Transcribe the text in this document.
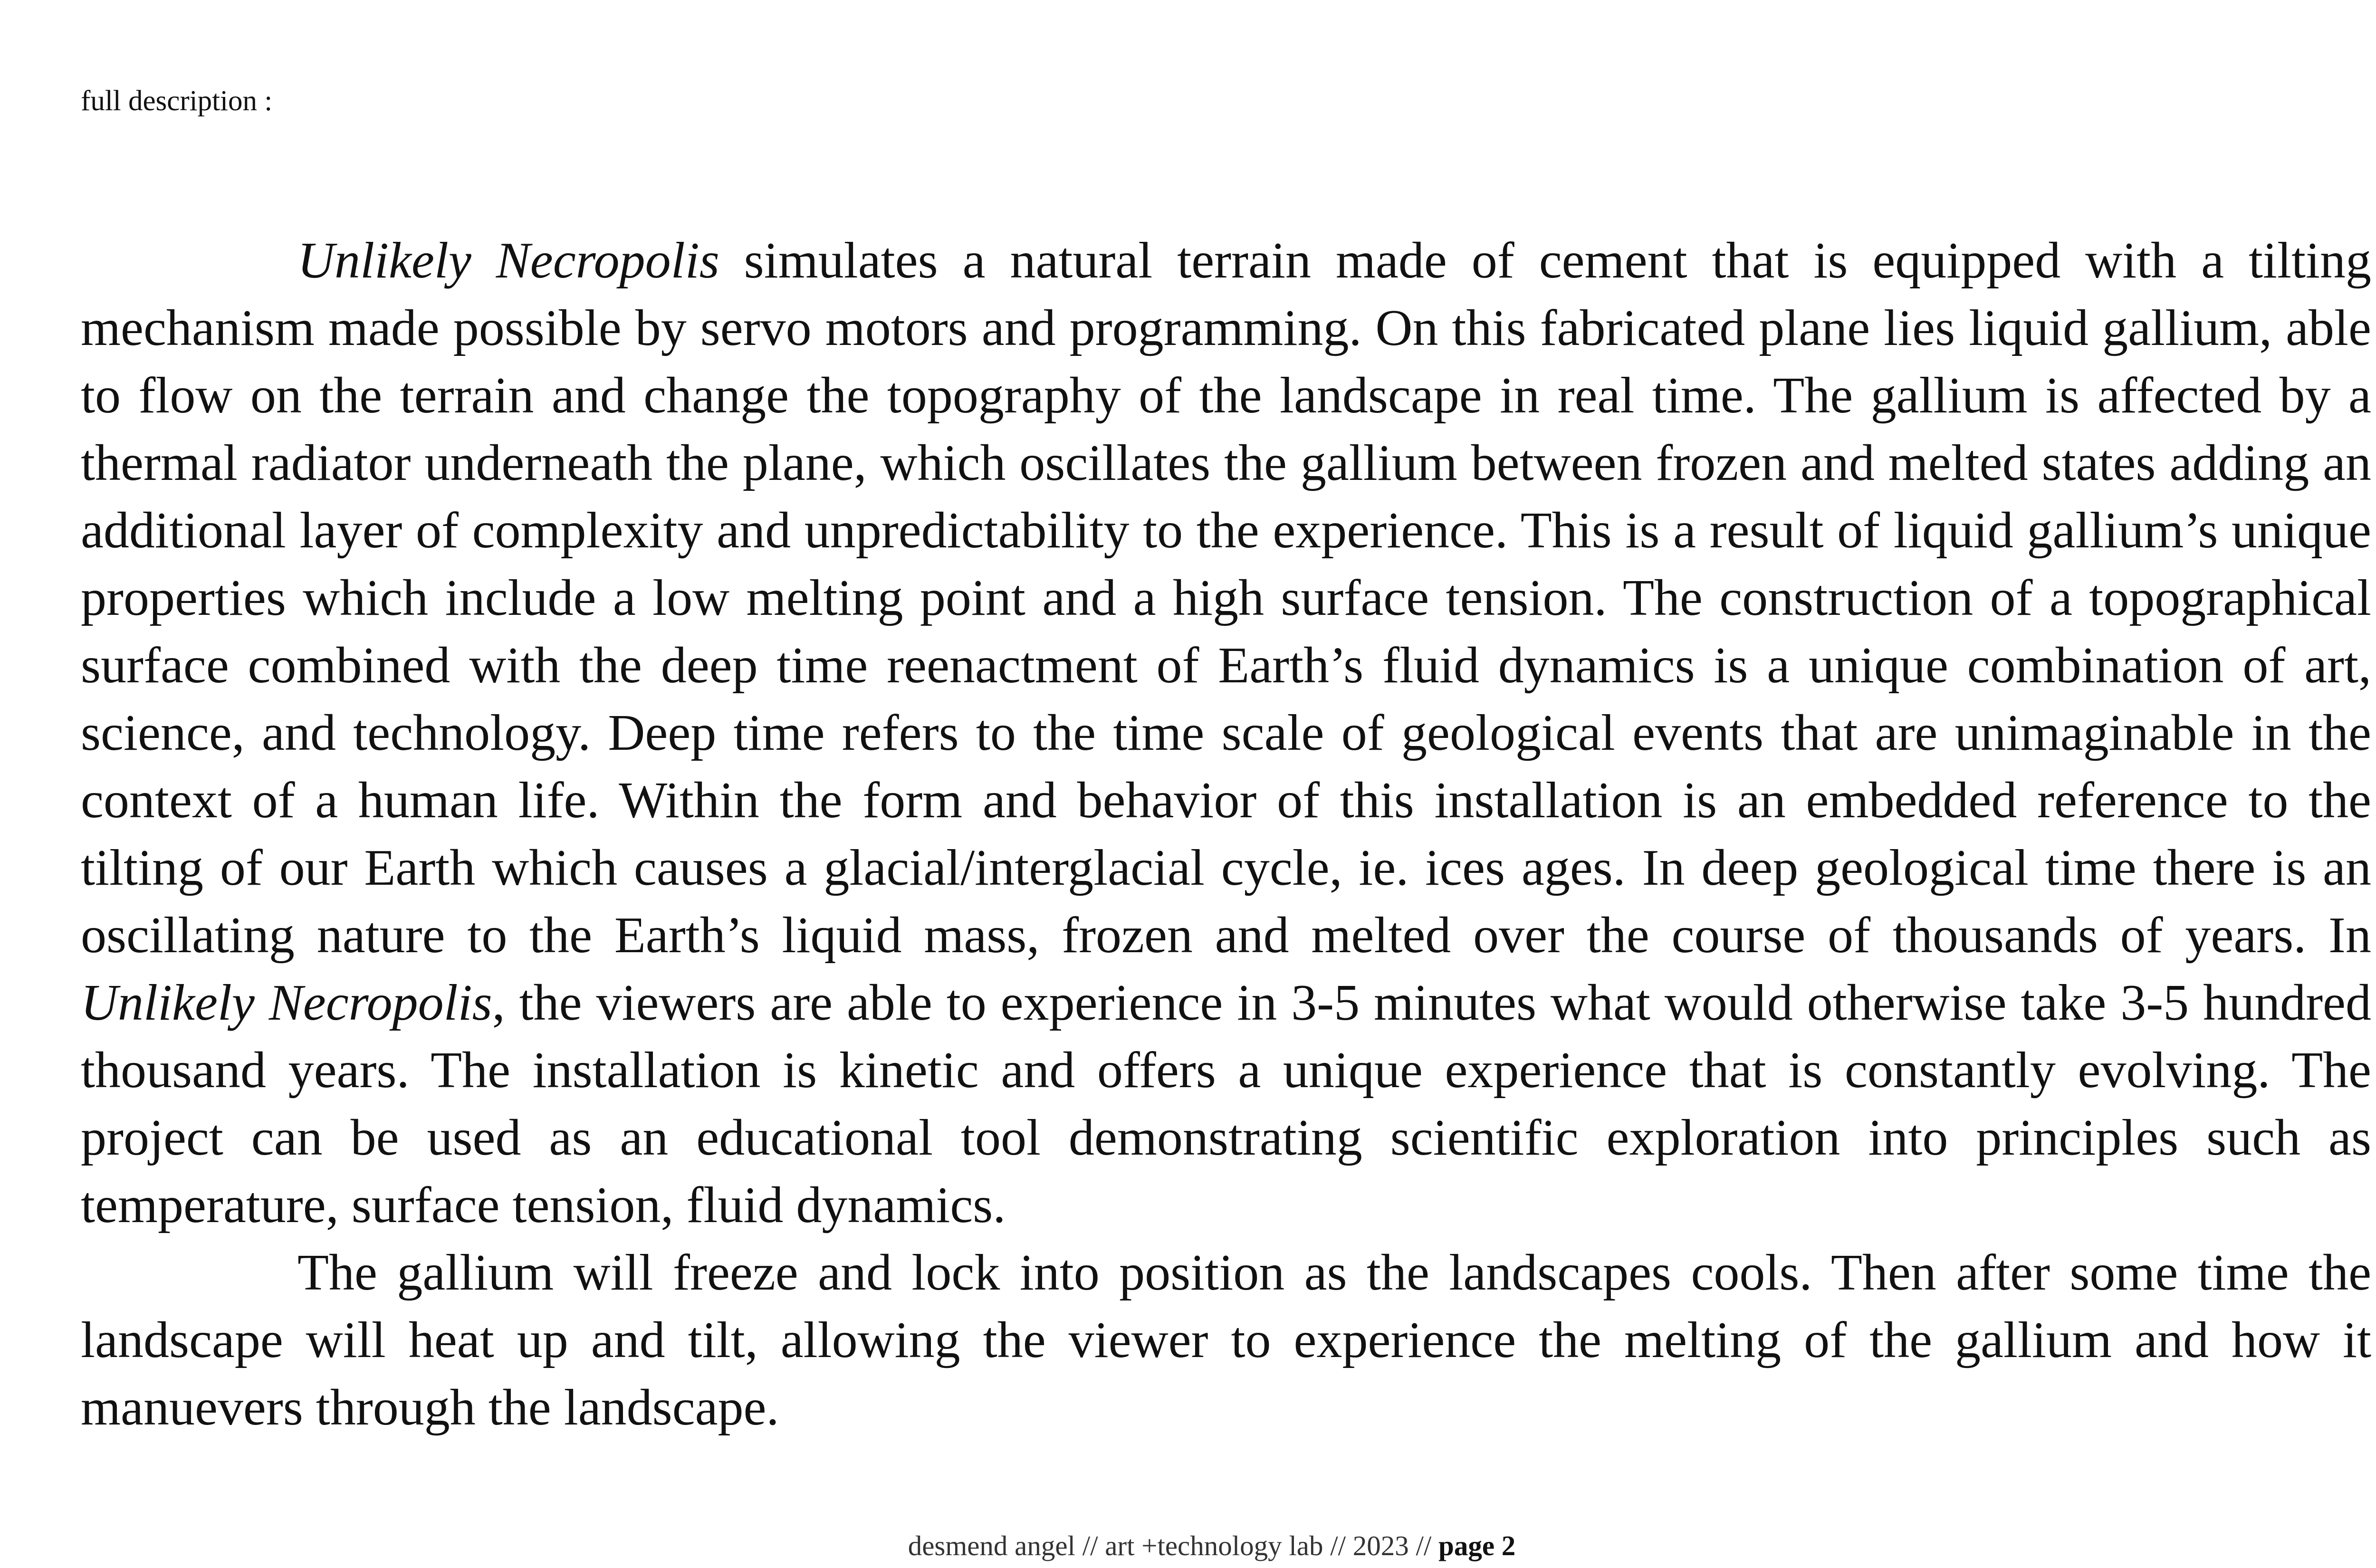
full description :

Unlikely Necropolis simulates a natural terrain made of cement that is equipped with a tilting mechanism made possible by servo motors and programming. On this fabricated plane lies liquid gallium, able to flow on the terrain and change the topography of the landscape in real time. The gallium is affected by a thermal radiator underneath the plane, which oscillates the gallium between frozen and melted states adding an additional layer of complexity and unpredictability to the experience. This is a result of liquid gallium’s unique properties which include a low melting point and a high surface tension. The construction of a topographical surface combined with the deep time reenactment of Earth’s fluid dynamics is a unique combination of art, science, and technology. Deep time refers to the time scale of geological events that are unimaginable in the context of a human life. Within the form and behavior of this installation is an embedded reference to the tilting of our Earth which causes a glacial/interglacial cycle, ie. ices ages. In deep geological time there is an oscillating nature to the Earth’s liquid mass, frozen and melted over the course of thousands of years. In Unlikely Necropolis, the viewers are able to experience in 3-5 minutes what would otherwise take 3-5 hundred thousand years. The installation is kinetic and offers a unique experience that is constantly evolving. The project can be used as an educational tool demonstrating scientific exploration into principles such as temperature, surface tension, fluid dynamics.

The gallium will freeze and lock into position as the landscapes cools. Then after some time the landscape will heat up and tilt, allowing the viewer to experience the melting of the gallium and how it manuevers through the landscape.

desmend angel // art +technology lab // 2023 // page 2
